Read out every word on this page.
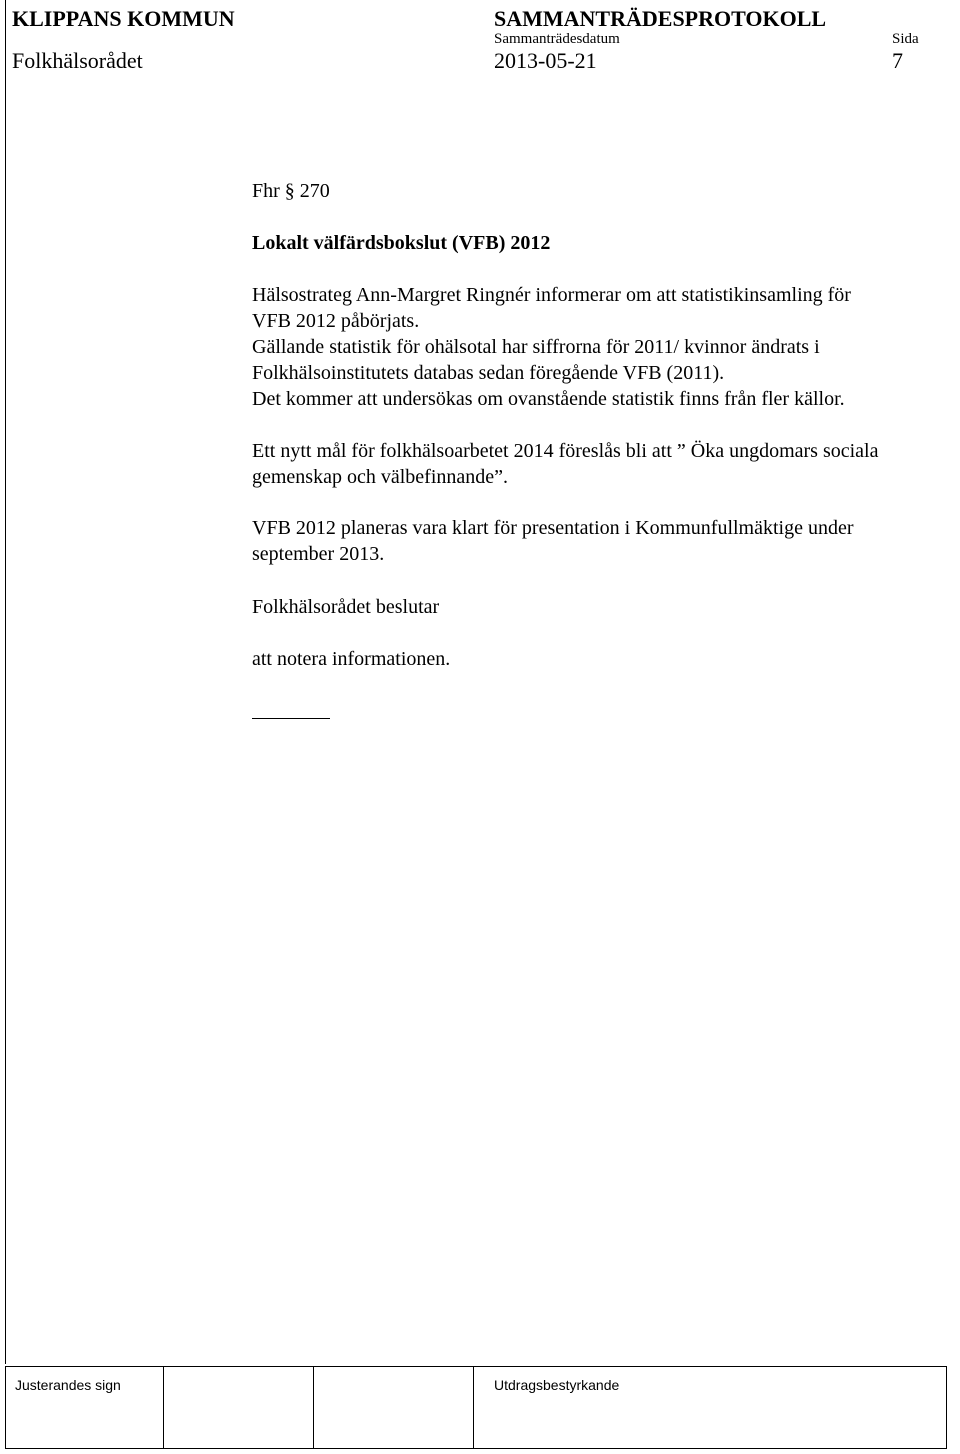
KLIPPANS KOMMUN	SAMMANTRÄDESPROTOKOLL
Sammanträdesdatum	Sida
Folkhälsorådet	2013-05-21	7
Fhr § 270
Lokalt välfärdsbokslut (VFB) 2012
Hälsostrateg Ann-Margret Ringnér informerar om att statistikinsamling för
VFB 2012 påbörjats.
Gällande statistik för ohälsotal har siffrorna för 2011/ kvinnor ändrats i
Folkhälsoinstitutets databas sedan föregående VFB (2011).
Det kommer att undersökas om ovanstående statistik finns från fler källor.
Ett nytt mål för folkhälsoarbetet 2014 föreslås bli att ” Öka ungdomars sociala
gemenskap och välbefinnande”.
VFB 2012 planeras vara klart för presentation i Kommunfullmäktige under
september 2013.
Folkhälsorådet beslutar
att notera informationen.
Justerandes sign	Utdragsbestyrkande
